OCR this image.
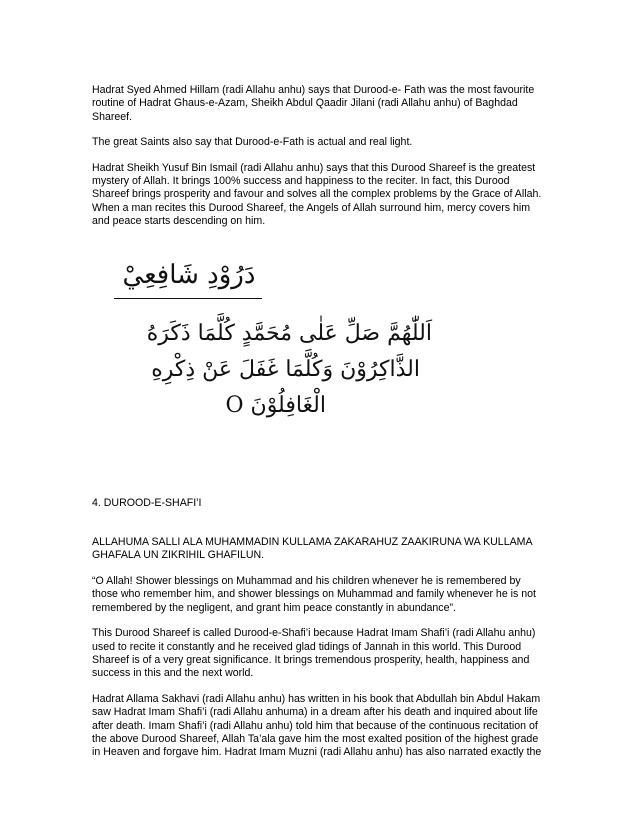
Hadrat Syed Ahmed Hillam (radi Allahu anhu) says that Durood-e- Fath was the most favourite routine of Hadrat Ghaus-e-Azam, Sheikh Abdul Qaadir Jilani (radi Allahu anhu) of Baghdad Shareef.

The great Saints also say that Durood-e-Fath is actual and real light.

Hadrat Sheikh Yusuf Bin Ismail (radi Allahu anhu) says that this Durood Shareef is the greatest mystery of Allah. It brings 100% success and happiness to the reciter. In fact, this Durood Shareef brings prosperity and favour and solves all the complex problems by the Grace of Allah. When a man recites this Durood Shareef, the Angels of Allah surround him, mercy covers him and peace starts descending on him.

دَرُوْدِ شَافِعِيْ
اَللّٰهُمَّ صَلِّ عَلٰى مُحَمَّدٍ كُلَّمَا ذَكَرَهُ
الذَّاكِرُوْنَ وَكُلَّمَا غَفَلَ عَنْ ذِكْرِهِ
الْغَافِلُوْنَ O

4. DUROOD-E-SHAFI’I

ALLAHUMA SALLI ALA MUHAMMADIN KULLAMA ZAKARAHUZ ZAAKIRUNA WA KULLAMA GHAFALA UN ZIKRIHIL GHAFILUN.

“O Allah! Shower blessings on Muhammad and his children whenever he is remembered by those who remember him, and shower blessings on Muhammad and family whenever he is not remembered by the negligent, and grant him peace constantly in abundance”.

This Durood Shareef is called Durood-e-Shafi’i because Hadrat Imam Shafi’i (radi Allahu anhu) used to recite it constantly and he received glad tidings of Jannah in this world. This Durood Shareef is of a very great significance. It brings tremendous prosperity, health, happiness and success in this and the next world.

Hadrat Allama Sakhavi (radi Allahu anhu) has written in his book that Abdullah bin Abdul Hakam saw Hadrat Imam Shafi’i (radi Allahu anhuma) in a dream after his death and inquired about life after death. Imam Shafi’i (radi Allahu anhu) told him that because of the continuous recitation of the above Durood Shareef, Allah Ta’ala gave him the most exalted position of the highest grade in Heaven and forgave him. Hadrat Imam Muzni (radi Allahu anhu) has also narrated exactly the
